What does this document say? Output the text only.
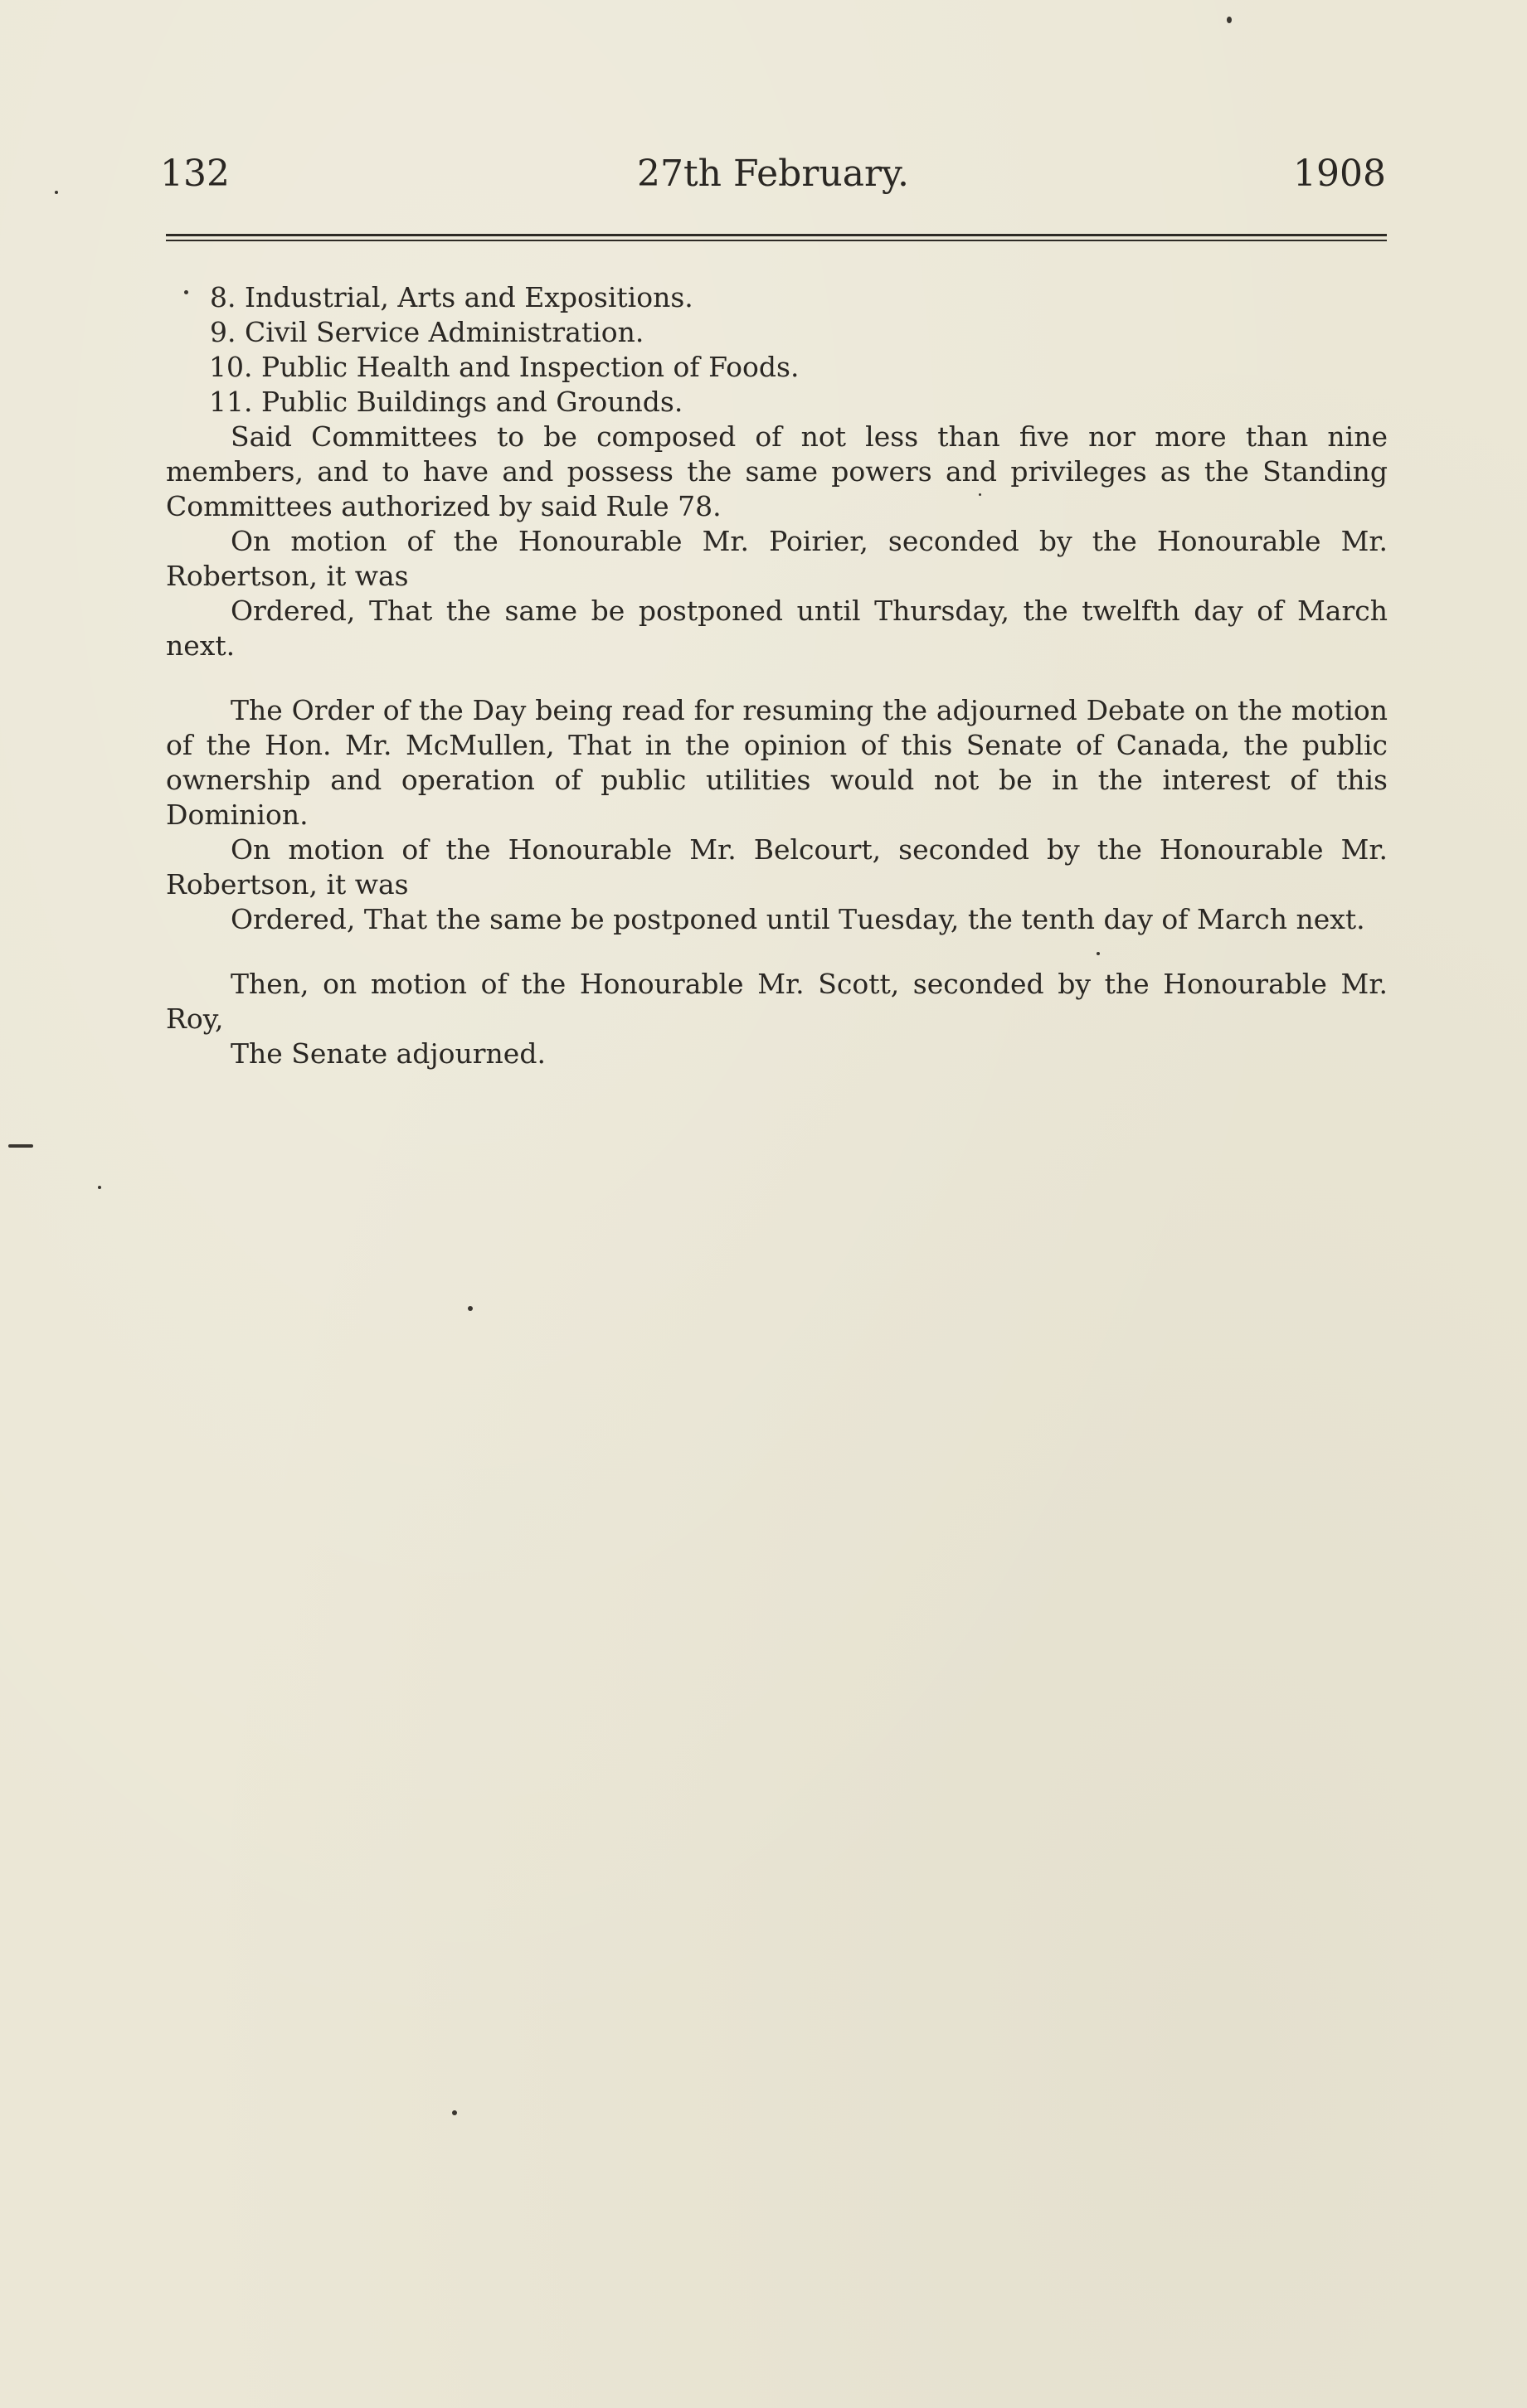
132	27th February.	1908

8. Industrial, Arts and Expositions.

9. Civil Service Administration.

10. Public Health and Inspection of Foods.

11. Public Buildings and Grounds.

Said Committees to be composed of not less than five nor more than nine members, and to have and possess the same powers and privileges as the Standing Committees authorized by said Rule 78.

On motion of the Honourable Mr. Poirier, seconded by the Honourable Mr. Robertson, it was

Ordered, That the same be postponed until Thursday, the twelfth day of March next.

The Order of the Day being read for resuming the adjourned Debate on the motion of the Hon. Mr. McMullen, That in the opinion of this Senate of Canada, the public ownership and operation of public utilities would not be in the interest of this Dominion.

On motion of the Honourable Mr. Belcourt, seconded by the Honourable Mr. Robertson, it was

Ordered, That the same be postponed until Tuesday, the tenth day of March next.

Then, on motion of the Honourable Mr. Scott, seconded by the Honourable Mr. Roy,

The Senate adjourned.
